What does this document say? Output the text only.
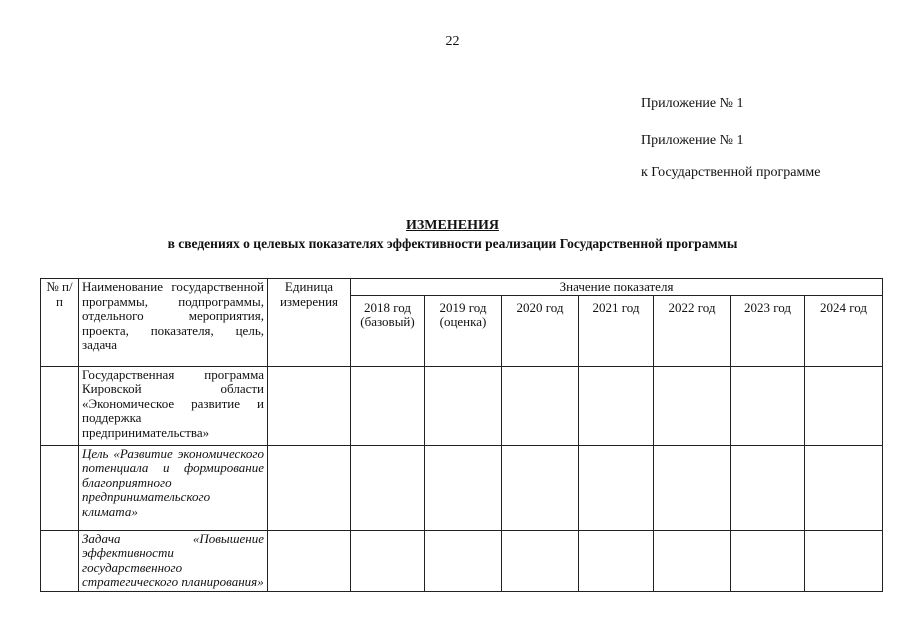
22
Приложение № 1
Приложение № 1
к Государственной программе
ИЗМЕНЕНИЯ
в сведениях о целевых показателях эффективности реализации Государственной программы
№ п/п	Наименование государственной программы, подпрограммы, отдельного мероприятия, проекта, показателя, цель, задача	Единица измерения	Значение показателя						
			2018 год (базовый)	2019 год (оценка)	2020 год	2021 год	2022 год	2023 год	2024 год
	Государственная программа Кировской области «Экономическое развитие и поддержка предпринимательства»								
	Цель «Развитие экономического потенциала и формирование благоприятного предпринимательского климата»								
	Задача «Повышение эффективности государственного стратегического планирования»								
